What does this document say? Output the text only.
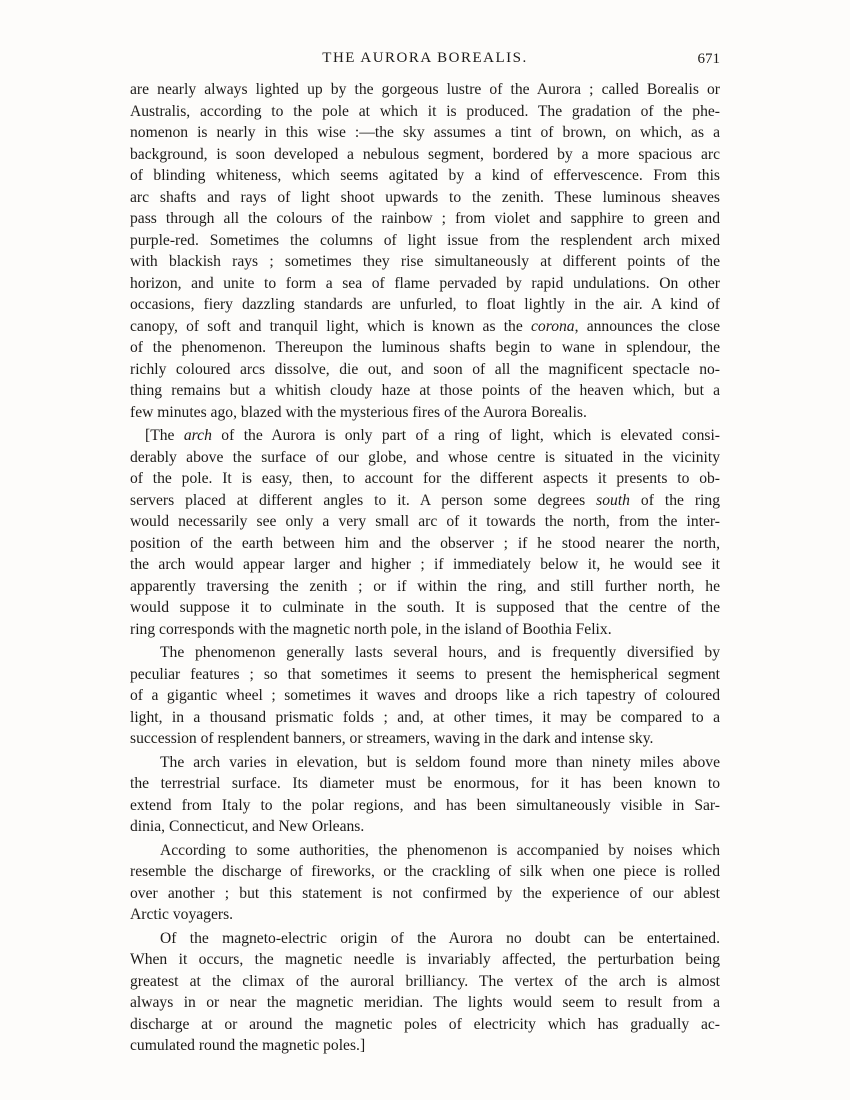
THE AURORA BOREALIS.	671
are nearly always lighted up by the gorgeous lustre of the Aurora ; called Borealis or
Australis, according to the pole at which it is produced. The gradation of the phe-
nomenon is nearly in this wise :—the sky assumes a tint of brown, on which, as a
background, is soon developed a nebulous segment, bordered by a more spacious arc
of blinding whiteness, which seems agitated by a kind of effervescence. From this
arc shafts and rays of light shoot upwards to the zenith. These luminous sheaves
pass through all the colours of the rainbow ; from violet and sapphire to green and
purple-red. Sometimes the columns of light issue from the resplendent arch mixed
with blackish rays ; sometimes they rise simultaneously at different points of the
horizon, and unite to form a sea of flame pervaded by rapid undulations. On other
occasions, fiery dazzling standards are unfurled, to float lightly in the air. A kind of
canopy, of soft and tranquil light, which is known as the corona, announces the close
of the phenomenon. Thereupon the luminous shafts begin to wane in splendour, the
richly coloured arcs dissolve, die out, and soon of all the magnificent spectacle no-
thing remains but a whitish cloudy haze at those points of the heaven which, but a
few minutes ago, blazed with the mysterious fires of the Aurora Borealis.
[The arch of the Aurora is only part of a ring of light, which is elevated consi-
derably above the surface of our globe, and whose centre is situated in the vicinity
of the pole. It is easy, then, to account for the different aspects it presents to ob-
servers placed at different angles to it. A person some degrees south of the ring
would necessarily see only a very small arc of it towards the north, from the inter-
position of the earth between him and the observer ; if he stood nearer the north,
the arch would appear larger and higher ; if immediately below it, he would see it
apparently traversing the zenith ; or if within the ring, and still further north, he
would suppose it to culminate in the south. It is supposed that the centre of the
ring corresponds with the magnetic north pole, in the island of Boothia Felix.
The phenomenon generally lasts several hours, and is frequently diversified by
peculiar features ; so that sometimes it seems to present the hemispherical segment
of a gigantic wheel ; sometimes it waves and droops like a rich tapestry of coloured
light, in a thousand prismatic folds ; and, at other times, it may be compared to a
succession of resplendent banners, or streamers, waving in the dark and intense sky.
The arch varies in elevation, but is seldom found more than ninety miles above
the terrestrial surface. Its diameter must be enormous, for it has been known to
extend from Italy to the polar regions, and has been simultaneously visible in Sar-
dinia, Connecticut, and New Orleans.
According to some authorities, the phenomenon is accompanied by noises which
resemble the discharge of fireworks, or the crackling of silk when one piece is rolled
over another ; but this statement is not confirmed by the experience of our ablest
Arctic voyagers.
Of the magneto-electric origin of the Aurora no doubt can be entertained.
When it occurs, the magnetic needle is invariably affected, the perturbation being
greatest at the climax of the auroral brilliancy. The vertex of the arch is almost
always in or near the magnetic meridian. The lights would seem to result from a
discharge at or around the magnetic poles of electricity which has gradually ac-
cumulated round the magnetic poles.]
